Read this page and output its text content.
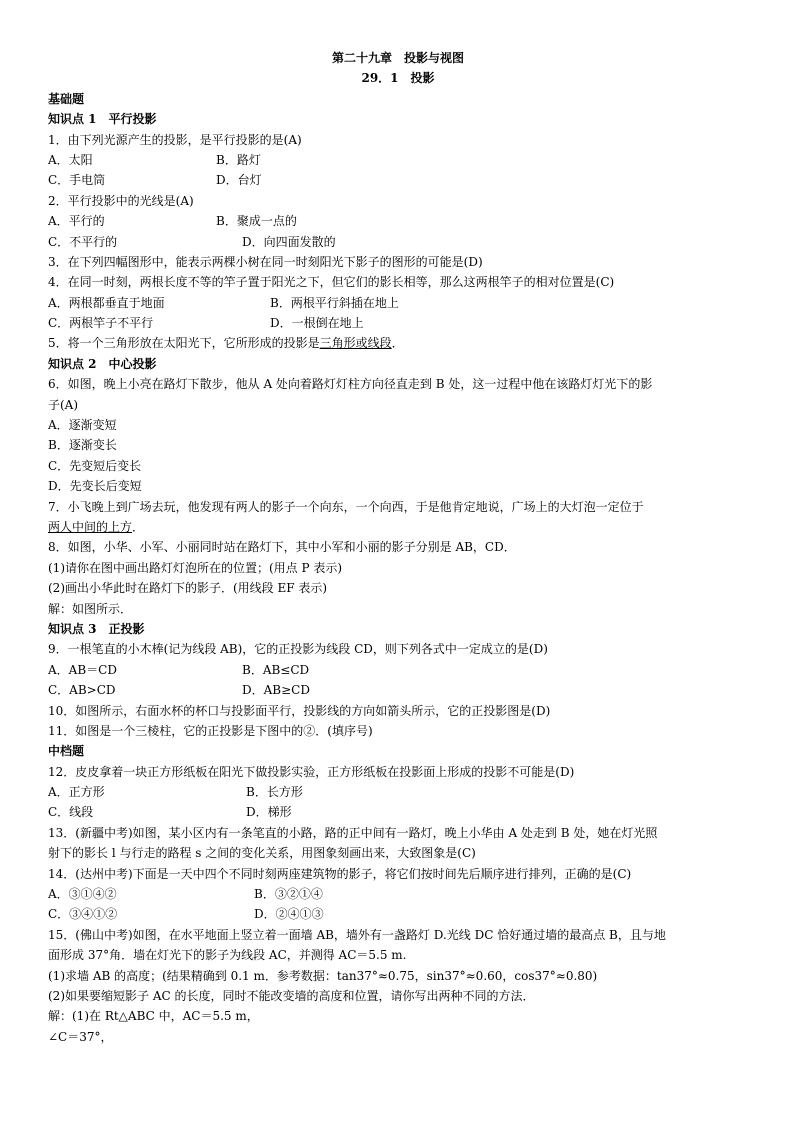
第二十九章　投影与视图
29．1　投影
基础题
知识点 1　平行投影
1．由下列光源产生的投影，是平行投影的是(A)
A．太阳	B．路灯
C．手电筒	D．台灯
2．平行投影中的光线是(A)
A．平行的	B．聚成一点的
C．不平行的	D．向四面发散的
3．在下列四幅图形中，能表示两棵小树在同一时刻阳光下影子的图形的可能是(D)
4．在同一时刻，两根长度不等的竿子置于阳光之下，但它们的影长相等，那么这两根竿子的相对位置是(C)
A．两根都垂直于地面	B．两根平行斜插在地上
C．两根竿子不平行	D．一根倒在地上
5．将一个三角形放在太阳光下，它所形成的投影是三角形或线段．
知识点 2　中心投影
6．如图，晚上小亮在路灯下散步，他从 A 处向着路灯灯柱方向径直走到 B 处，这一过程中他在该路灯灯光下的影
子(A)
A．逐渐变短
B．逐渐变长
C．先变短后变长
D．先变长后变短
7．小飞晚上到广场去玩，他发现有两人的影子一个向东，一个向西，于是他肯定地说，广场上的大灯泡一定位于
两人中间的上方．
8．如图，小华、小军、小丽同时站在路灯下，其中小军和小丽的影子分别是 AB，CD．
(1)请你在图中画出路灯灯泡所在的位置；(用点 P 表示)
(2)画出小华此时在路灯下的影子．(用线段 EF 表示)
解：如图所示．
知识点 3　正投影
9．一根笔直的小木棒(记为线段 AB)，它的正投影为线段 CD，则下列各式中一定成立的是(D)
A．AB＝CD	B．AB≤CD
C．AB>CD	D．AB≥CD
10．如图所示，右面水杯的杯口与投影面平行，投影线的方向如箭头所示，它的正投影图是(D)
11．如图是一个三棱柱，它的正投影是下图中的②．(填序号)
中档题
12．皮皮拿着一块正方形纸板在阳光下做投影实验，正方形纸板在投影面上形成的投影不可能是(D)
A．正方形	B．长方形
C．线段	D．梯形
13．(新疆中考)如图，某小区内有一条笔直的小路，路的正中间有一路灯，晚上小华由 A 处走到 B 处，她在灯光照
射下的影长 l 与行走的路程 s 之间的变化关系，用图象刻画出来，大致图象是(C)
14．(达州中考)下面是一天中四个不同时刻两座建筑物的影子，将它们按时间先后顺序进行排列，正确的是(C)
A．③①④②	B．③②①④
C．③④①②	D．②④①③
15．(佛山中考)如图，在水平地面上竖立着一面墙 AB，墙外有一盏路灯 D.光线 DC 恰好通过墙的最高点 B，且与地
面形成 37°角．墙在灯光下的影子为线段 AC，并测得 AC＝5.5 m.
(1)求墙 AB 的高度；(结果精确到 0.1 m．参考数据：tan37°≈0.75，sin37°≈0.60，cos37°≈0.80)
(2)如果要缩短影子 AC 的长度，同时不能改变墙的高度和位置，请你写出两种不同的方法．
解：(1)在 Rt△ABC 中，AC＝5.5 m，
∠C＝37°，
